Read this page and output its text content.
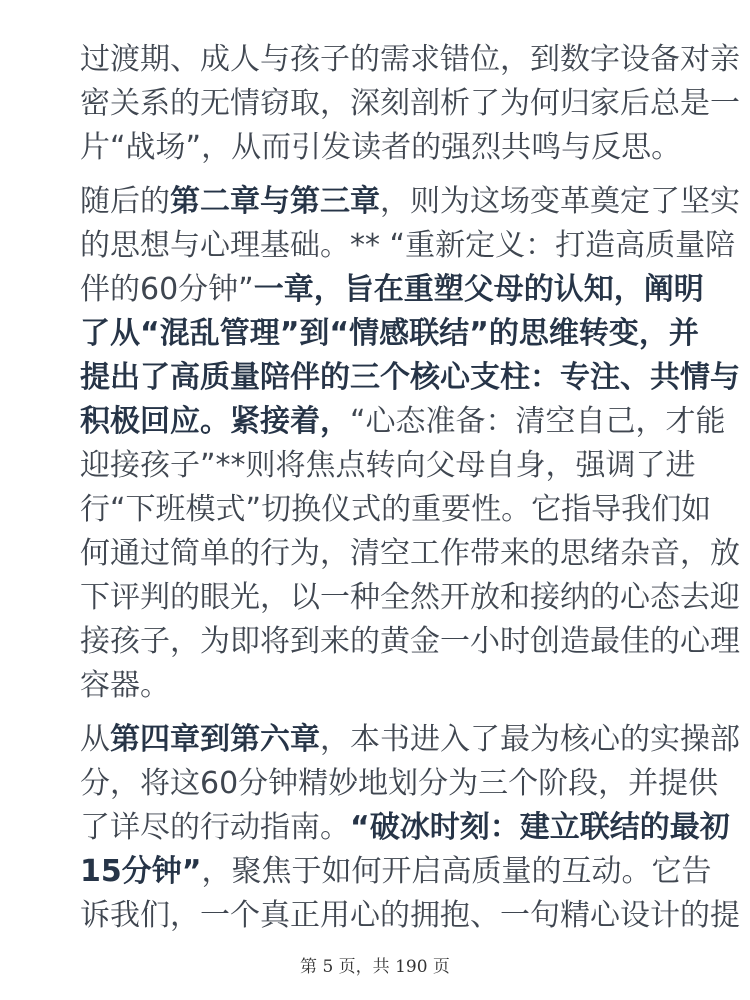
过渡期、成人与孩子的需求错位，到数字设备对亲
密关系的无情窃取，深刻剖析了为何归家后总是一
片“战场”，从而引发读者的强烈共鸣与反思。
随后的第二章与第三章，则为这场变革奠定了坚实
的思想与心理基础。** “重新定义：打造高质量陪
伴的60分钟”一章，旨在重塑父母的认知，阐明
了从“混乱管理”到“情感联结”的思维转变，并
提出了高质量陪伴的三个核心支柱：专注、共情与
积极回应。紧接着，“心态准备：清空自己，才能
迎接孩子”**则将焦点转向父母自身，强调了进
行“下班模式”切换仪式的重要性。它指导我们如
何通过简单的行为，清空工作带来的思绪杂音，放
下评判的眼光，以一种全然开放和接纳的心态去迎
接孩子，为即将到来的黄金一小时创造最佳的心理
容器。
从第四章到第六章，本书进入了最为核心的实操部
分，将这60分钟精妙地划分为三个阶段，并提供
了详尽的行动指南。“破冰时刻：建立联结的最初
15分钟”，聚焦于如何开启高质量的互动。它告
诉我们，一个真正用心的拥抱、一句精心设计的提
第 5 页，共 190 页
